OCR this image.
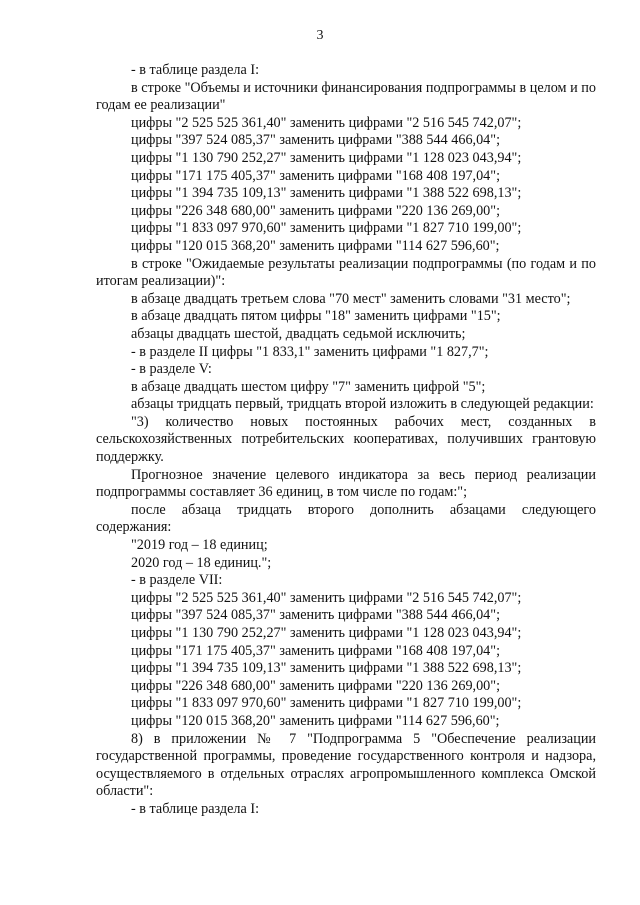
3

- в таблице раздела I:

в строке "Объемы и источники финансирования подпрограммы в целом и по годам ее реализации"

цифры "2 525 525 361,40" заменить цифрами "2 516 545 742,07";

цифры "397 524 085,37" заменить цифрами "388 544 466,04";

цифры "1 130 790 252,27" заменить цифрами "1 128 023 043,94";

цифры "171 175 405,37" заменить цифрами "168 408 197,04";

цифры "1 394 735 109,13" заменить цифрами "1 388 522 698,13";

цифры "226 348 680,00" заменить цифрами "220 136 269,00";

цифры "1 833 097 970,60" заменить цифрами "1 827 710 199,00";

цифры "120 015 368,20" заменить цифрами "114 627 596,60";

в строке "Ожидаемые результаты реализации подпрограммы (по годам и по итогам реализации)":

в абзаце двадцать третьем слова "70 мест" заменить словами "31 место";

в абзаце двадцать пятом цифры "18" заменить цифрами "15";

абзацы двадцать шестой, двадцать седьмой исключить;

- в разделе II цифры "1 833,1" заменить цифрами "1 827,7";

- в разделе V:

в абзаце двадцать шестом цифру "7" заменить цифрой "5";

абзацы тридцать первый, тридцать второй изложить в следующей редакции:

"3) количество новых постоянных рабочих мест, созданных в сельскохозяйственных потребительских кооперативах, получивших грантовую поддержку.

Прогнозное значение целевого индикатора за весь период реализации подпрограммы составляет 36 единиц, в том числе по годам:";

после абзаца тридцать второго дополнить абзацами следующего содержания:

"2019 год – 18 единиц;

2020 год – 18 единиц.";

- в разделе VII:

цифры "2 525 525 361,40" заменить цифрами "2 516 545 742,07";

цифры "397 524 085,37" заменить цифрами "388 544 466,04";

цифры "1 130 790 252,27" заменить цифрами "1 128 023 043,94";

цифры "171 175 405,37" заменить цифрами "168 408 197,04";

цифры "1 394 735 109,13" заменить цифрами "1 388 522 698,13";

цифры "226 348 680,00" заменить цифрами "220 136 269,00";

цифры "1 833 097 970,60" заменить цифрами "1 827 710 199,00";

цифры "120 015 368,20" заменить цифрами "114 627 596,60";

8) в приложении № 7 "Подпрограмма 5 "Обеспечение реализации государственной программы, проведение государственного контроля и надзора, осуществляемого в отдельных отраслях агропромышленного комплекса Омской области":

- в таблице раздела I:
